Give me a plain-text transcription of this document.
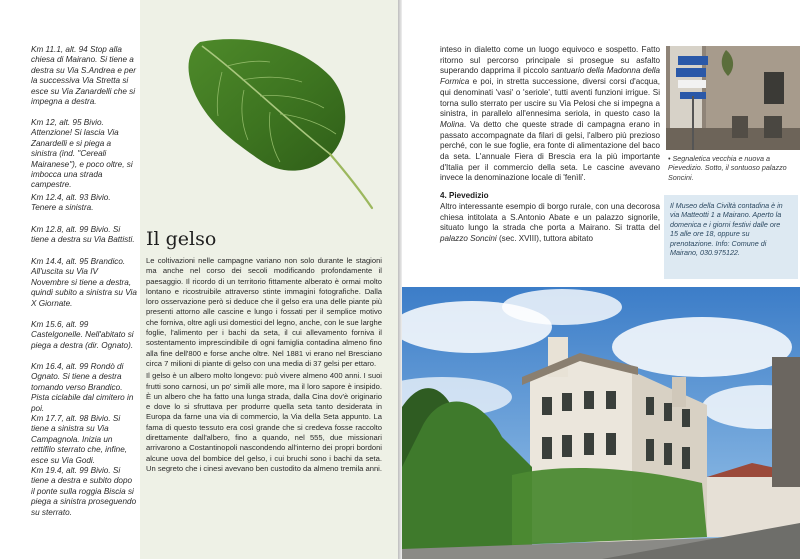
Km 11.1, alt. 94 Stop alla chiesa di Mairano. Si tiene a destra su Via S.Andrea e per la successiva Via Stretta si esce su Via Zanardelli che si impegna a destra.
Km 12, alt. 95 Bivio. Attenzione! Si lascia Via Zanardelli e si piega a sinistra (ind. "Cereali Mairanese"), e poco oltre, si imbocca una strada campestre.
Km 12.4, alt. 93 Bivio. Tenere a sinistra.
Km 12.8, alt. 99 Bivio. Si tiene a destra su Via Battisti.
Km 14.4, alt. 95 Brandico. All'uscita su Via IV Novembre si tiene a destra, quindi subito a sinistra su Via X Giornate.
Km 15.6, alt. 99 Castelgonelle. Nell'abitato si piega a destra (dir. Ognato).
Km 16.4, alt. 99 Rondò di Ognato. Si tiene a destra tornando verso Brandico. Pista ciclabile dal cimitero in poi.
Km 17.7, alt. 98 Bivio. Si tiene a sinistra su Via Campagnola. Inizia un rettifilo sterrato che, infine, esce su Via Godi.
Km 19.4, alt. 99 Bivio. Si tiene a destra e subito dopo il ponte sulla roggia Biscia si piega a sinistra proseguendo su sterrato.
Il gelso

Le coltivazioni nelle campagne variano non solo durante le stagioni ma anche nel corso dei secoli modificando profondamente il paesaggio. Il ricordo di un territorio fittamente alberato è ormai molto lontano e ricostruibile attraverso stinte immagini fotografiche. Dalla loro osservazione però si deduce che il gelso era una delle piante più presenti attorno alle cascine e lungo i fossati per il semplice motivo che forniva, oltre agli usi domestici del legno, anche, con le sue larghe foglie, l'alimento per i bachi da seta, il cui allevamento forniva il sostentamento imprescindibile di ogni famiglia contadina almeno fino alla fine dell'800 e forse anche oltre. Nel 1881 vi erano nel Bresciano circa 7 milioni di piante di gelso con una media di 37 gelsi per ettaro.

Il gelso è un albero molto longevo: può vivere almeno 400 anni. I suoi frutti sono carnosi, un po' simili alle more, ma il loro sapore è insipido. È un albero che ha fatto una lunga strada, dalla Cina dov'è originario e dove lo si sfruttava per produrre quella seta tanto desiderata in Europa da farne una via di commercio, la Via della Seta appunto. La fama di questo tessuto era così grande che si credeva fosse raccolto direttamente dall'albero, fino a quando, nel 555, due missionari arrivarono a Costantinopoli nascondendo all'interno dei propri bordoni alcune uova del bombice del gelso, i cui bruchi sono i bachi da seta. Un segreto che i cinesi avevano ben custodito da almeno tremila anni.

inteso in dialetto come un luogo equivoco e sospetto. Fatto ritorno sul percorso principale si prosegue su asfalto superando dapprima il piccolo santuario della Madonna della Formica e poi, in stretta successione, diversi corsi d'acqua, qui denominati 'vasi' o 'seriole', tutti aventi funzioni irrigue. Si torna sullo sterrato per uscire su Via Pelosi che si impegna a sinistra, in parallelo all'ennesima seriola, in questo caso la Molina. Va detto che queste strade di campagna erano in passato accompagnate da filari di gelsi, l'albero più prezioso perché, con le sue foglie, era fonte di alimentazione del baco da seta. L'annuale Fiera di Brescia era la più importante d'Italia per il commercio della seta. Le cascine avevano invece la denominazione locale di 'fenìli'.

4. Pievedizio

Altro interessante esempio di borgo rurale, con una decorosa chiesa intitolata a S.Antonio Abate e un palazzo signorile, situato lungo la strada che porta a Mairano. Si tratta del palazzo Soncini (sec. XVIII), tuttora abitato

• Segnaletica vecchia e nuova a Pievedizio. Sotto, il sontuoso palazzo Soncini.
Il Museo della Civiltà contadina è in via Matteotti 1 a Mairano. Aperto la domenica e i giorni festivi dalle ore 15 alle ore 18, oppure su prenotazione. Info: Comune di Mairano, 030.975122.
